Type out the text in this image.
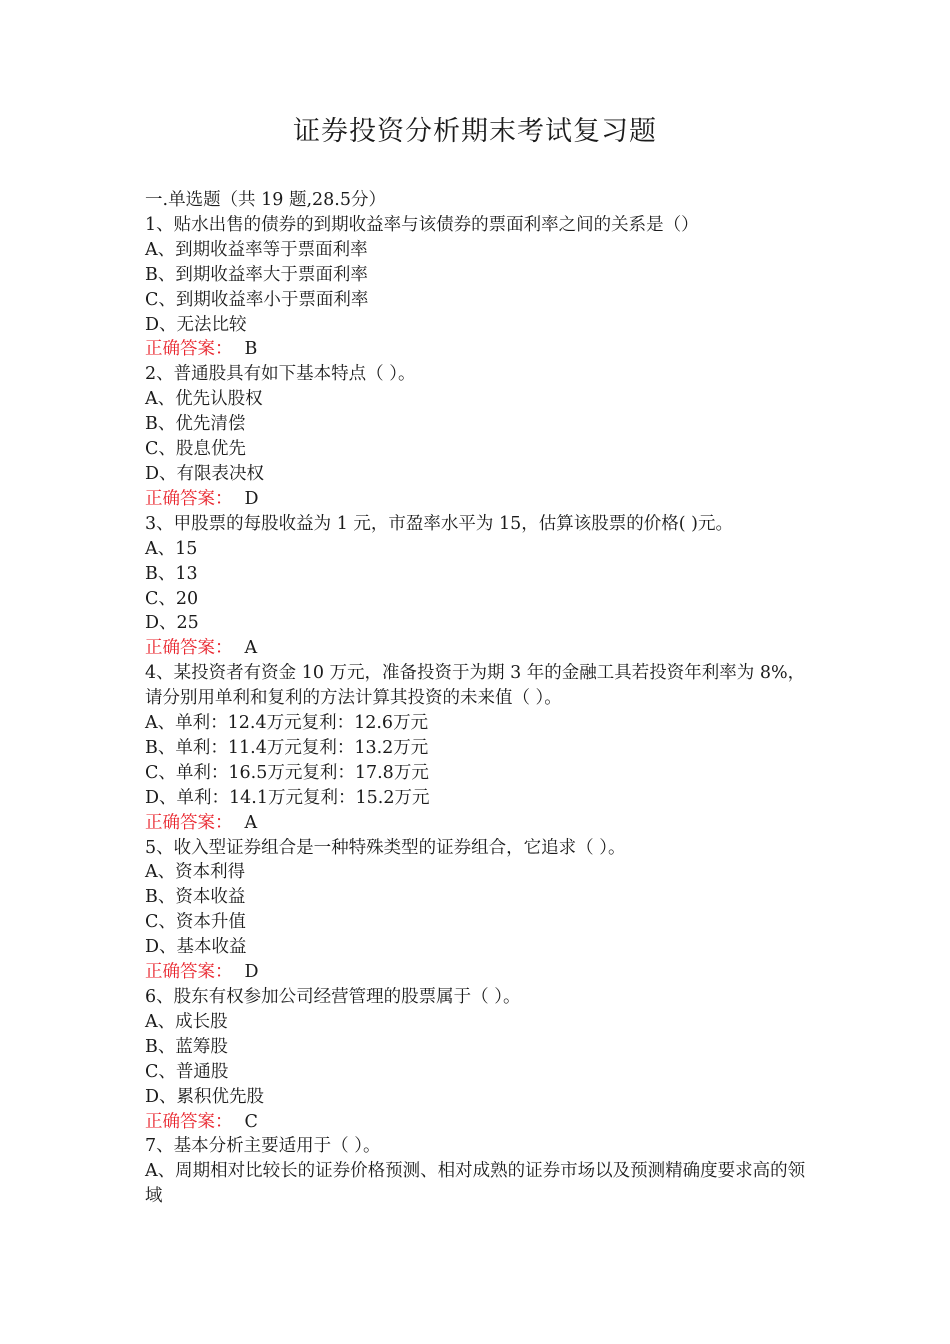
证券投资分析期末考试复习题
一.单选题（共 19 题,28.5分）
1、贴水出售的债券的到期收益率与该债券的票面利率之间的关系是（）
A、到期收益率等于票面利率
B、到期收益率大于票面利率
C、到期收益率小于票面利率
D、无法比较
正确答案： B
2、普通股具有如下基本特点（ ）。
A、优先认股权
B、优先清偿
C、股息优先
D、有限表决权
正确答案： D
3、甲股票的每股收益为 1 元，市盈率水平为 15，估算该股票的价格( )元。
A、15
B、13
C、20
D、25
正确答案： A
4、某投资者有资金 10 万元，准备投资于为期 3 年的金融工具若投资年利率为 8%，请分别用单利和复利的方法计算其投资的未来值（ ）。
A、单利：12.4万元复利：12.6万元
B、单利：11.4万元复利：13.2万元
C、单利：16.5万元复利：17.8万元
D、单利：14.1万元复利：15.2万元
正确答案： A
5、收入型证券组合是一种特殊类型的证券组合，它追求（ ）。
A、资本利得
B、资本收益
C、资本升值
D、基本收益
正确答案： D
6、股东有权参加公司经营管理的股票属于（ ）。
A、成长股
B、蓝筹股
C、普通股
D、累积优先股
正确答案： C
7、基本分析主要适用于（ ）。
A、周期相对比较长的证券价格预测、相对成熟的证券市场以及预测精确度要求高的领域
